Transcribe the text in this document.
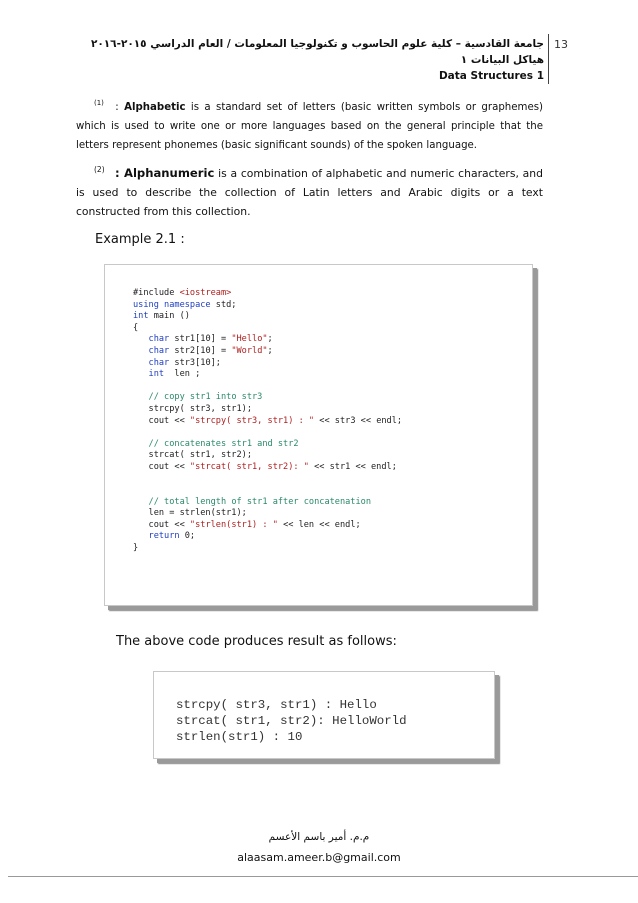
13
جامعة القادسية – كلية علوم الحاسوب و تكنولوجيا المعلومات / العام الدراسي ٢٠١٥-٢٠١٦
هياكل البيانات ١
Data Structures 1
$^{(1)}$ : Alphabetic is a standard set of letters (basic written symbols or graphemes) which is used to write one or more languages based on the general principle that the letters represent phonemes (basic significant sounds) of the spoken language.
$^{(2)}$ : Alphanumeric is a combination of alphabetic and numeric characters, and is used to describe the collection of Latin letters and Arabic digits or a text constructed from this collection.
Example 2.1 :
#include <iostream>
using namespace std;
int main ()
{
char str1[10] = "Hello";
char str2[10] = "World";
char str3[10];
int  len ;

// copy str1 into str3
strcpy( str3, str1);
cout << "strcpy( str3, str1) : " << str3 << endl;

// concatenates str1 and str2
strcat( str1, str2);
cout << "strcat( str1, str2): " << str1 << endl;

// total length of str1 after concatenation
len = strlen(str1);
cout << "strlen(str1) : " << len << endl;
return 0;
}
The above code produces result as follows:
strcpy( str3, str1) : Hello
strcat( str1, str2): HelloWorld
strlen(str1) : 10
م.م. أمير باسم الأعسم
alaasam.ameer.b@gmail.com
